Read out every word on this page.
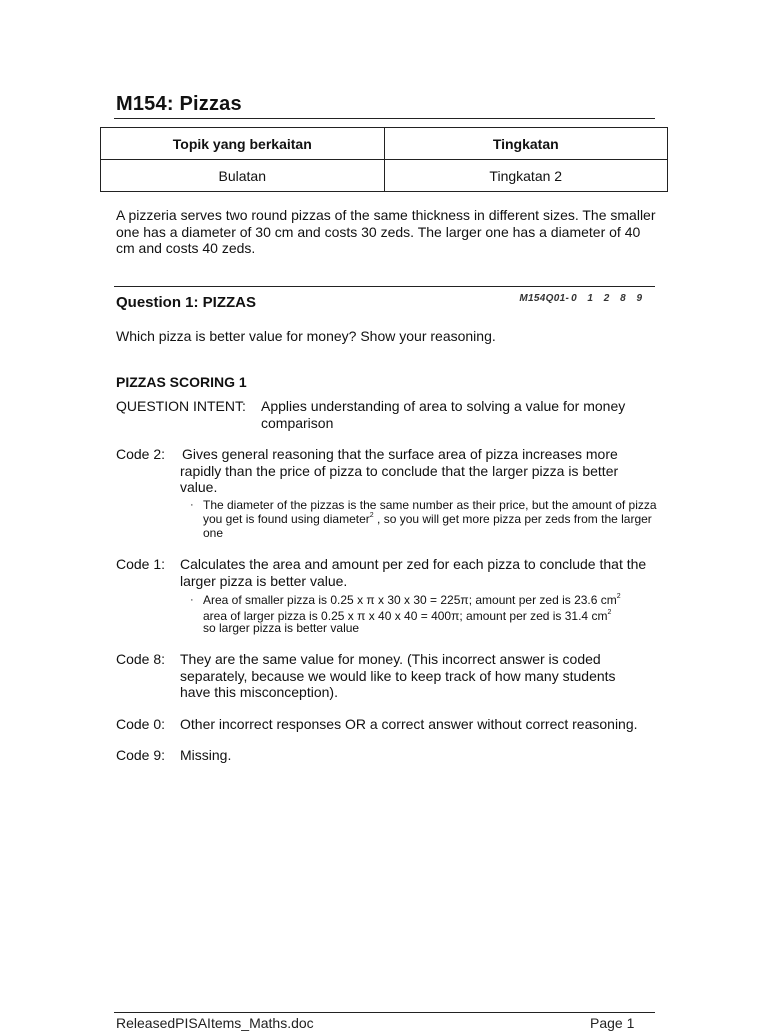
M154: Pizzas
Topik yang berkaitan	Tingkatan
Bulatan	Tingkatan 2
A pizzeria serves two round pizzas of the same thickness in different sizes. The smaller one has a diameter of 30 cm and costs 30 zeds. The larger one has a diameter of 40 cm and costs 40 zeds.
Question 1: PIZZAS	M154Q01- 0 1 2 8 9
Which pizza is better value for money? Show your reasoning.
PIZZAS SCORING 1
QUESTION INTENT: Applies understanding of area to solving a value for money comparison
Code 2: Gives general reasoning that the surface area of pizza increases more rapidly than the price of pizza to conclude that the larger pizza is better value.
· The diameter of the pizzas is the same number as their price, but the amount of pizza you get is found using diameter$^2$ , so you will get more pizza per zeds from the larger one
Code 1: Calculates the area and amount per zed for each pizza to conclude that the larger pizza is better value.
· Area of smaller pizza is 0.25 x π x 30 x 30 = 225π; amount per zed is 23.6 $cm^2$
area of larger pizza is 0.25 x π x 40 x 40 = 400π; amount per zed is 31.4 $cm^2$
so larger pizza is better value
Code 8: They are the same value for money. (This incorrect answer is coded separately, because we would like to keep track of how many students have this misconception).
Code 0: Other incorrect responses OR a correct answer without correct reasoning.
Code 9: Missing.
ReleasedPISAItems_Maths.doc	Page 1
